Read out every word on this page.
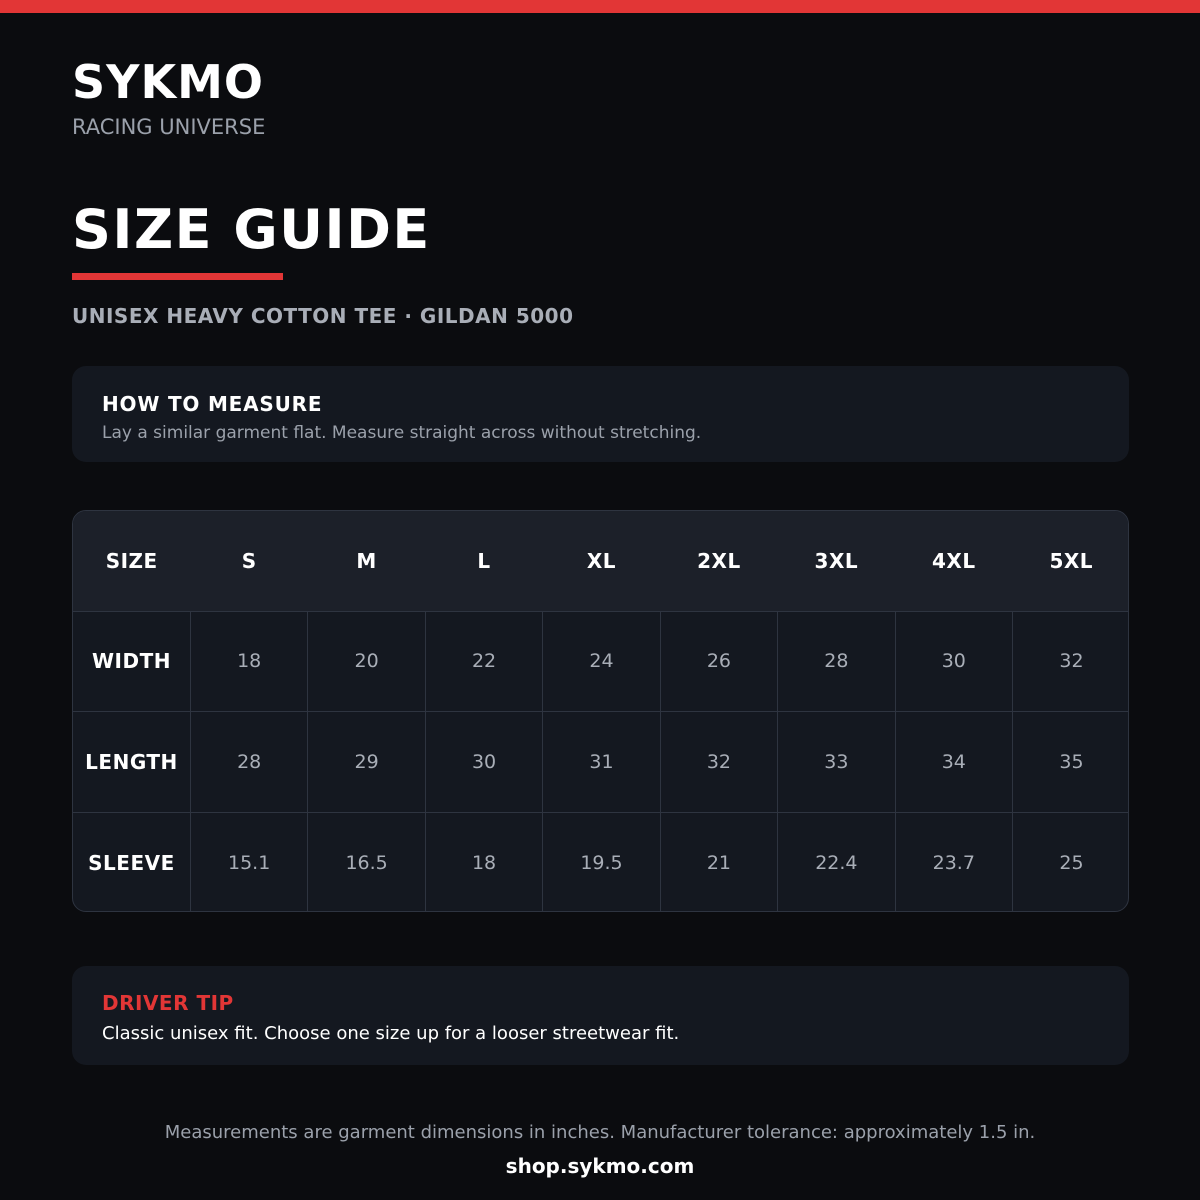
SYKMO
RACING UNIVERSE
SIZE GUIDE
UNISEX HEAVY COTTON TEE · GILDAN 5000
HOW TO MEASURE
Lay a similar garment flat. Measure straight across without stretching.
SIZE	S	M	L	XL	2XL	3XL	4XL	5XL
WIDTH	18	20	22	24	26	28	30	32
LENGTH	28	29	30	31	32	33	34	35
SLEEVE	15.1	16.5	18	19.5	21	22.4	23.7	25
DRIVER TIP
Classic unisex fit. Choose one size up for a looser streetwear fit.
Measurements are garment dimensions in inches. Manufacturer tolerance: approximately 1.5 in.
shop.sykmo.com
